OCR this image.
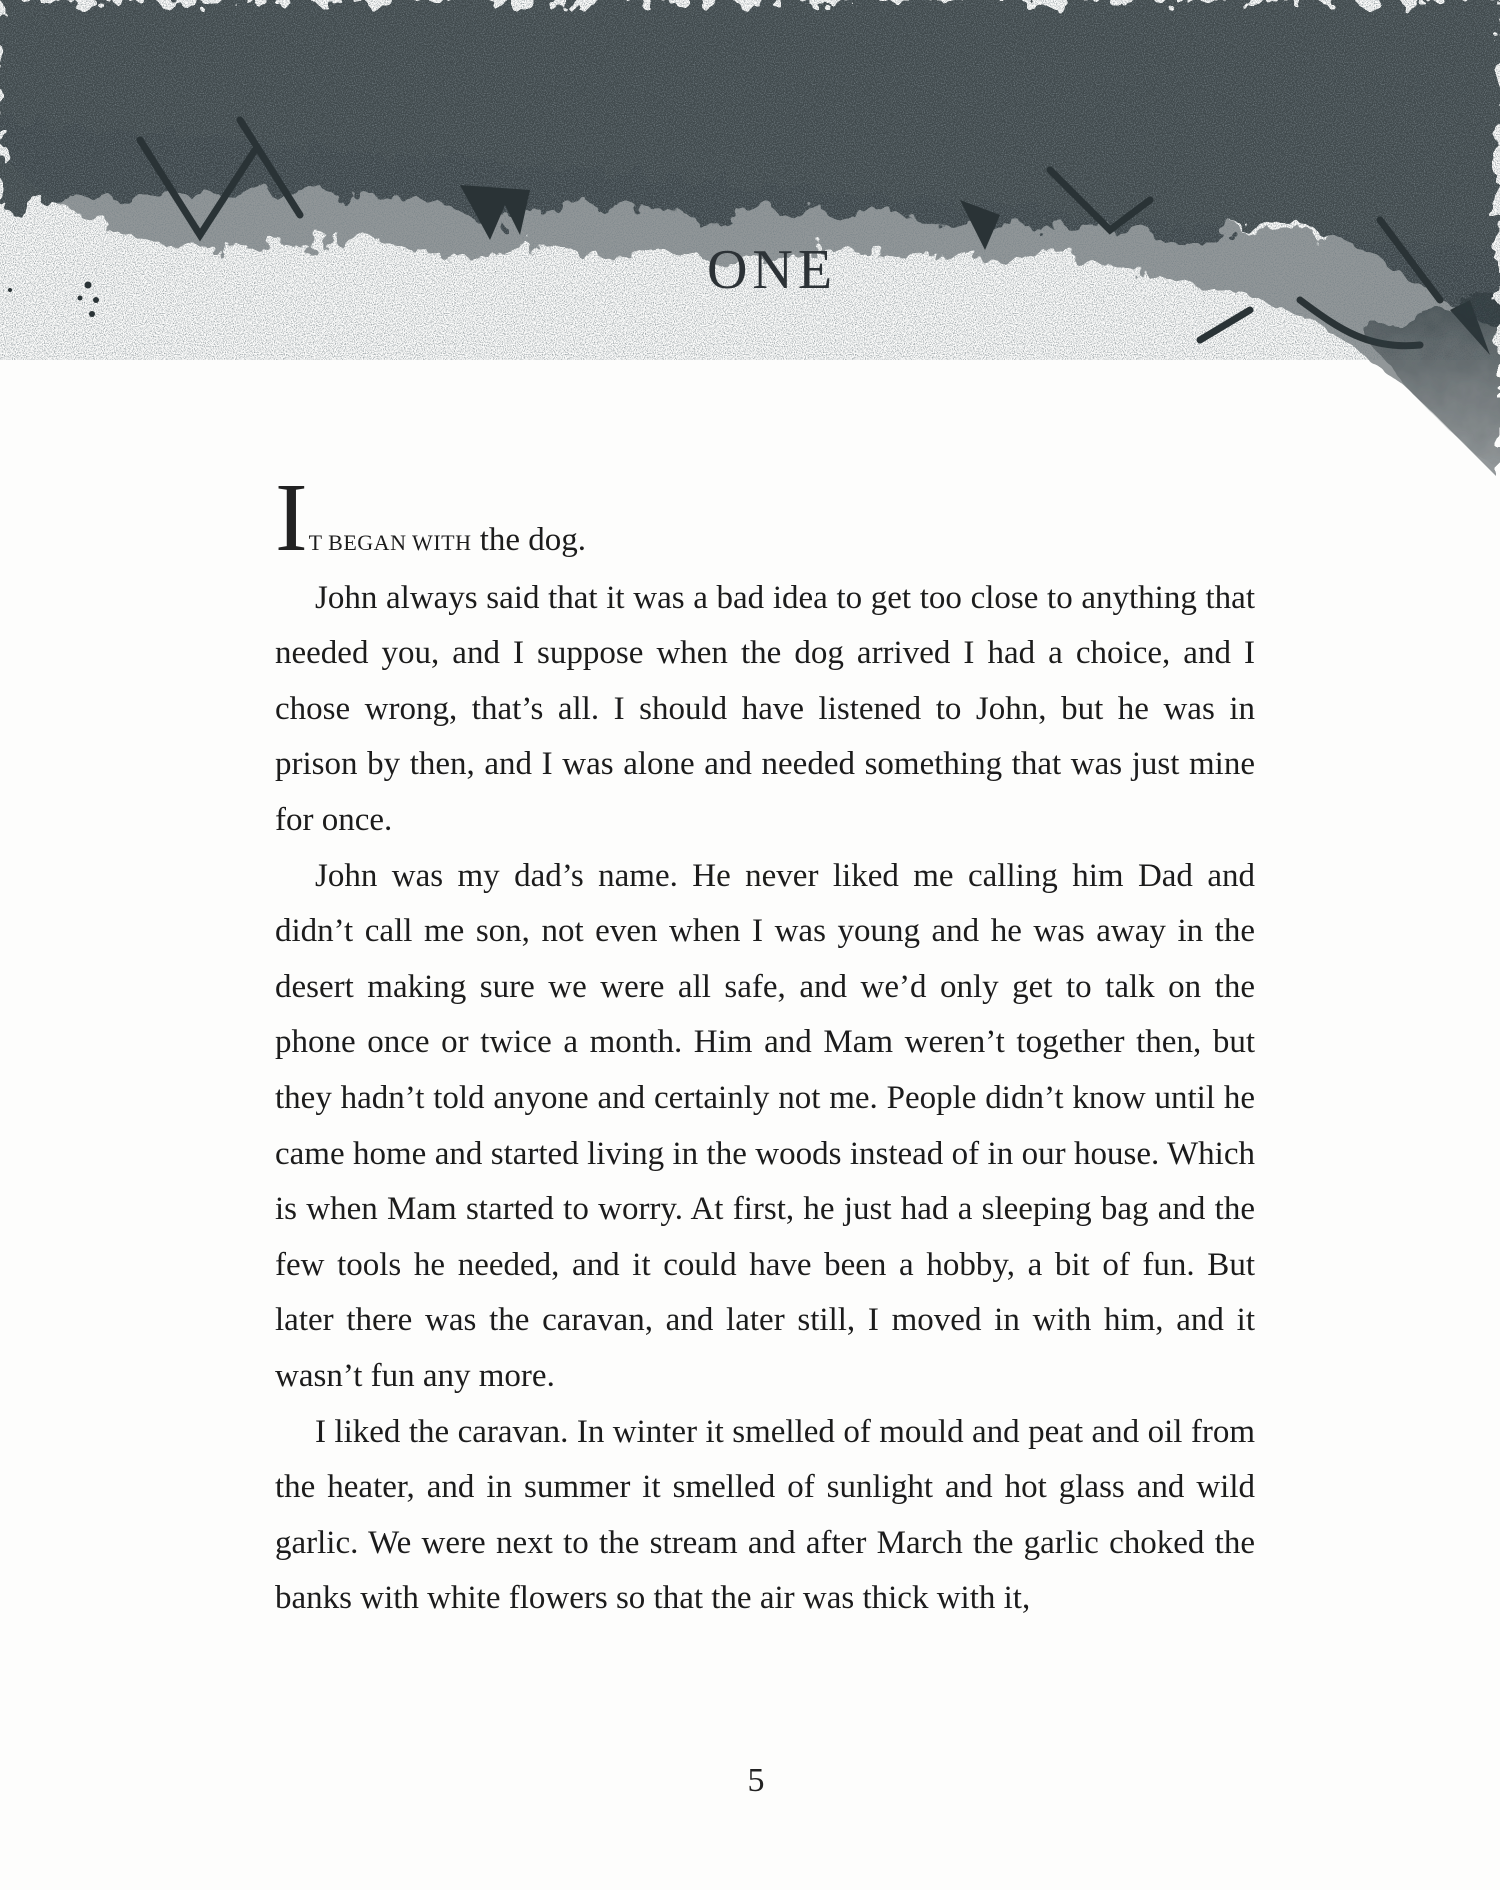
ONE

IT BEGAN WITH the dog.

John always said that it was a bad idea to get too close to anything that needed you, and I suppose when the dog arrived I had a choice, and I chose wrong, that’s all. I should have listened to John, but he was in prison by then, and I was alone and needed something that was just mine for once.

John was my dad’s name. He never liked me calling him Dad and didn’t call me son, not even when I was young and he was away in the desert making sure we were all safe, and we’d only get to talk on the phone once or twice a month. Him and Mam weren’t together then, but they hadn’t told anyone and certainly not me. People didn’t know until he came home and started living in the woods instead of in our house. Which is when Mam started to worry. At first, he just had a sleeping bag and the few tools he needed, and it could have been a hobby, a bit of fun. But later there was the caravan, and later still, I moved in with him, and it wasn’t fun any more.

I liked the caravan. In winter it smelled of mould and peat and oil from the heater, and in summer it smelled of sunlight and hot glass and wild garlic. We were next to the stream and after March the garlic choked the banks with white flowers so that the air was thick with it,

5
